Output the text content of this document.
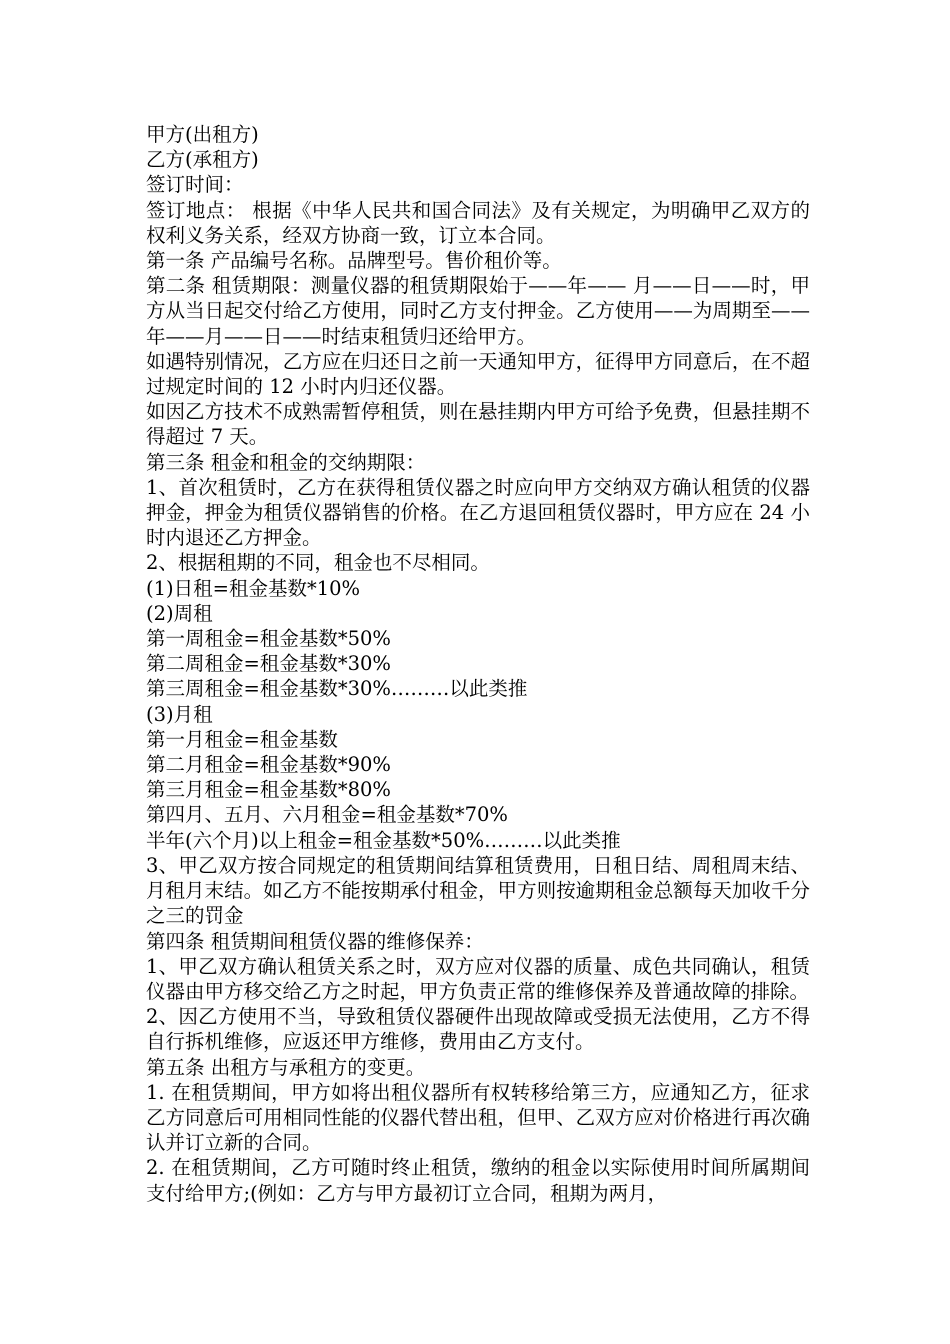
甲方(出租方)

乙方(承租方)

签订时间：

签订地点： 根据《中华人民共和国合同法》及有关规定，为明确甲乙双方的权利义务关系，经双方协商一致，订立本合同。

第一条 产品编号名称。品牌型号。售价租价等。

第二条 租赁期限：测量仪器的租赁期限始于——年—— 月——日——时，甲方从当日起交付给乙方使用，同时乙方支付押金。乙方使用——为周期至—— 年——月——日——时结束租赁归还给甲方。

如遇特别情况，乙方应在归还日之前一天通知甲方，征得甲方同意后，在不超过规定时间的 12 小时内归还仪器。

如因乙方技术不成熟需暂停租赁，则在悬挂期内甲方可给予免费，但悬挂期不得超过 7 天。

第三条 租金和租金的交纳期限：

1、首次租赁时，乙方在获得租赁仪器之时应向甲方交纳双方确认租赁的仪器押金，押金为租赁仪器销售的价格。在乙方退回租赁仪器时，甲方应在 24 小时内退还乙方押金。

2、根据租期的不同，租金也不尽相同。

(1)日租=租金基数*10%

(2)周租

第一周租金=租金基数*50%

第二周租金=租金基数*30%

第三周租金=租金基数*30%………以此类推

(3)月租

第一月租金=租金基数

第二月租金=租金基数*90%

第三月租金=租金基数*80%

第四月、五月、六月租金=租金基数*70%

半年(六个月)以上租金=租金基数*50%………以此类推

3、甲乙双方按合同规定的租赁期间结算租赁费用，日租日结、周租周末结、月租月末结。如乙方不能按期承付租金，甲方则按逾期租金总额每天加收千分之三的罚金

第四条 租赁期间租赁仪器的维修保养：

1、甲乙双方确认租赁关系之时，双方应对仪器的质量、成色共同确认，租赁仪器由甲方移交给乙方之时起，甲方负责正常的维修保养及普通故障的排除。

2、因乙方使用不当，导致租赁仪器硬件出现故障或受损无法使用，乙方不得自行拆机维修，应返还甲方维修，费用由乙方支付。

第五条 出租方与承租方的变更。

1. 在租赁期间，甲方如将出租仪器所有权转移给第三方，应通知乙方，征求乙方同意后可用相同性能的仪器代替出租，但甲、乙双方应对价格进行再次确认并订立新的合同。

2. 在租赁期间，乙方可随时终止租赁，缴纳的租金以实际使用时间所属期间支付给甲方;(例如：乙方与甲方最初订立合同，租期为两月，
